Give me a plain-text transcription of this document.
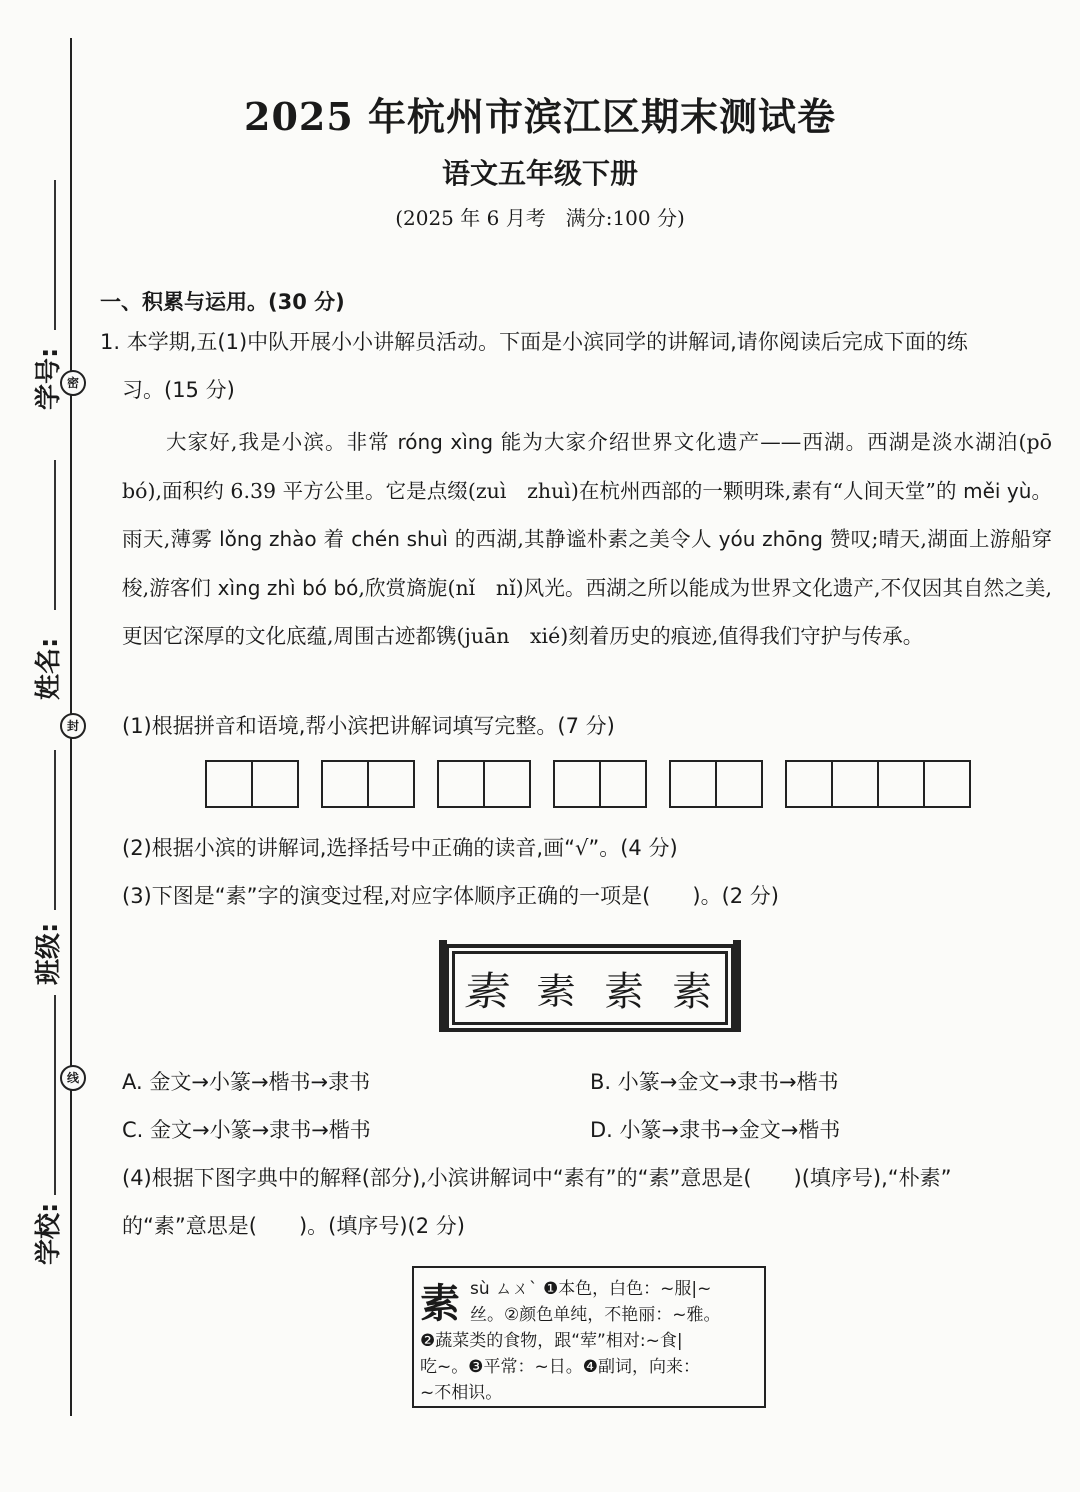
密
封
线
学号:
姓名:
班级:
学校:
2025 年杭州市滨江区期末测试卷
语文五年级下册
(2025 年 6 月考　满分:100 分)
一、积累与运用。(30 分)
1. 本学期,五(1)中队开展小小讲解员活动。下面是小滨同学的讲解词,请你阅读后完成下面的练
习。(15 分)
大家好,我是小滨。非常 róng xìng 能为大家介绍世界文化遗产——西湖。西湖是淡水湖泊(pō　bó),面积约 6.39 平方公里。它是点缀(zuì　zhuì)在杭州西部的一颗明珠,素有“人间天堂”的 měi yù。雨天,薄雾 lǒng zhào 着 chén shuì 的西湖,其静谧朴素之美令人 yóu zhōng 赞叹;晴天,湖面上游船穿梭,游客们 xìng zhì bó bó,欣赏旖旎(nǐ　nǐ)风光。西湖之所以能成为世界文化遗产,不仅因其自然之美,更因它深厚的文化底蕴,周围古迹都镌(juān　xié)刻着历史的痕迹,值得我们守护与传承。
(1)根据拼音和语境,帮小滨把讲解词填写完整。(7 分)
(2)根据小滨的讲解词,选择括号中正确的读音,画“√”。(4 分)
(3)下图是“素”字的演变过程,对应字体顺序正确的一项是(　　)。(2 分)
素 素 素 素
A. 金文→小篆→楷书→隶书	B. 小篆→金文→隶书→楷书
C. 金文→小篆→隶书→楷书	D. 小篆→隶书→金文→楷书
(4)根据下图字典中的解释(部分),小滨讲解词中“素有”的“素”意思是(　　)(填序号),“朴素”
的“素”意思是(　　)。(填序号)(2 分)
素 sù ㄙㄨˋ ❶本色，白色：~服|~
丝。②颜色单纯，不艳丽：~雅。
❷蔬菜类的食物，跟“荤”相对:~食|
吃~。❸平常：~日。❹副词，向来：
~不相识。
